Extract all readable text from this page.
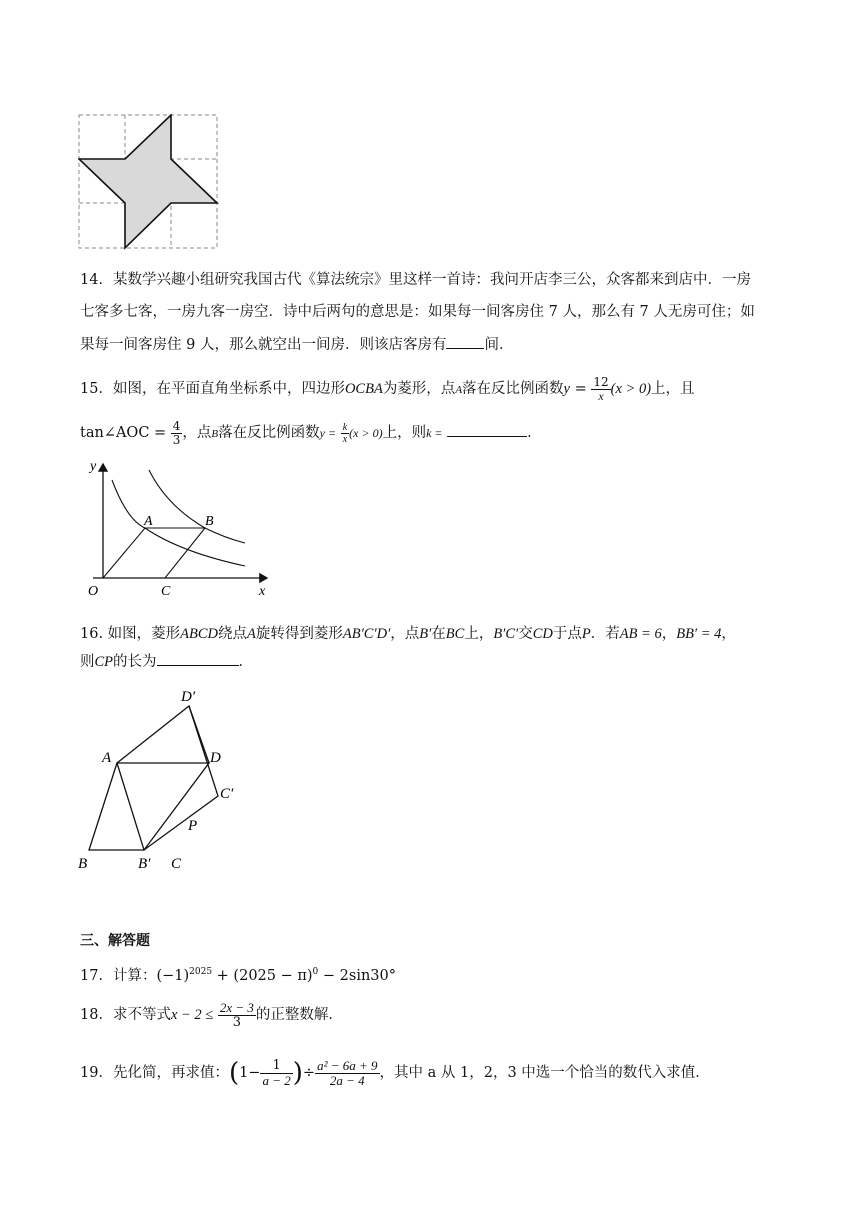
14．某数学兴趣小组研究我国古代《算法统宗》里这样一首诗：我问开店李三公，众客都来到店中．一房
七客多七客，一房九客一房空．诗中后两句的意思是：如果每一间客房住 7 人，那么有 7 人无房可住；如
果每一间客房住 9 人，那么就空出一间房．则该店客房有	间．
15．如图，在平面直角坐标系中，四边形OCBA为菱形，点A落在反比例函数$y = \frac{12}{x} (x > 0)$上，且
tan∠AOC = $\frac{4}{3}$ ，点B落在反比例函数$y = \frac{k}{x} (x > 0)$上，则k =	．
y
x
O
A	B
C
16. 如图，菱形ABCD绕点A旋转得到菱形AB′C′D′，点B′在BC上，B′C′交CD于点P．若AB = 6，BB′ = 4，
则CP的长为	．
D′
A	D
C′
P
B	B′ C
三、解答题
17．计算：$(-1)^{2025} + (2025 - \pi)^0 - 2\sin 30^\circ$
18．求不等式$x - 2 \le \frac{2x - 3}{3}$ 的正整数解．
19．先化简，再求值：($1- \frac{1}{a - 2}$ )÷ $\frac{\text{a² − 6a + 9}}{2a - 4}$ ，其中 a 从 1，2，3 中选一个恰当的数代入求值．
